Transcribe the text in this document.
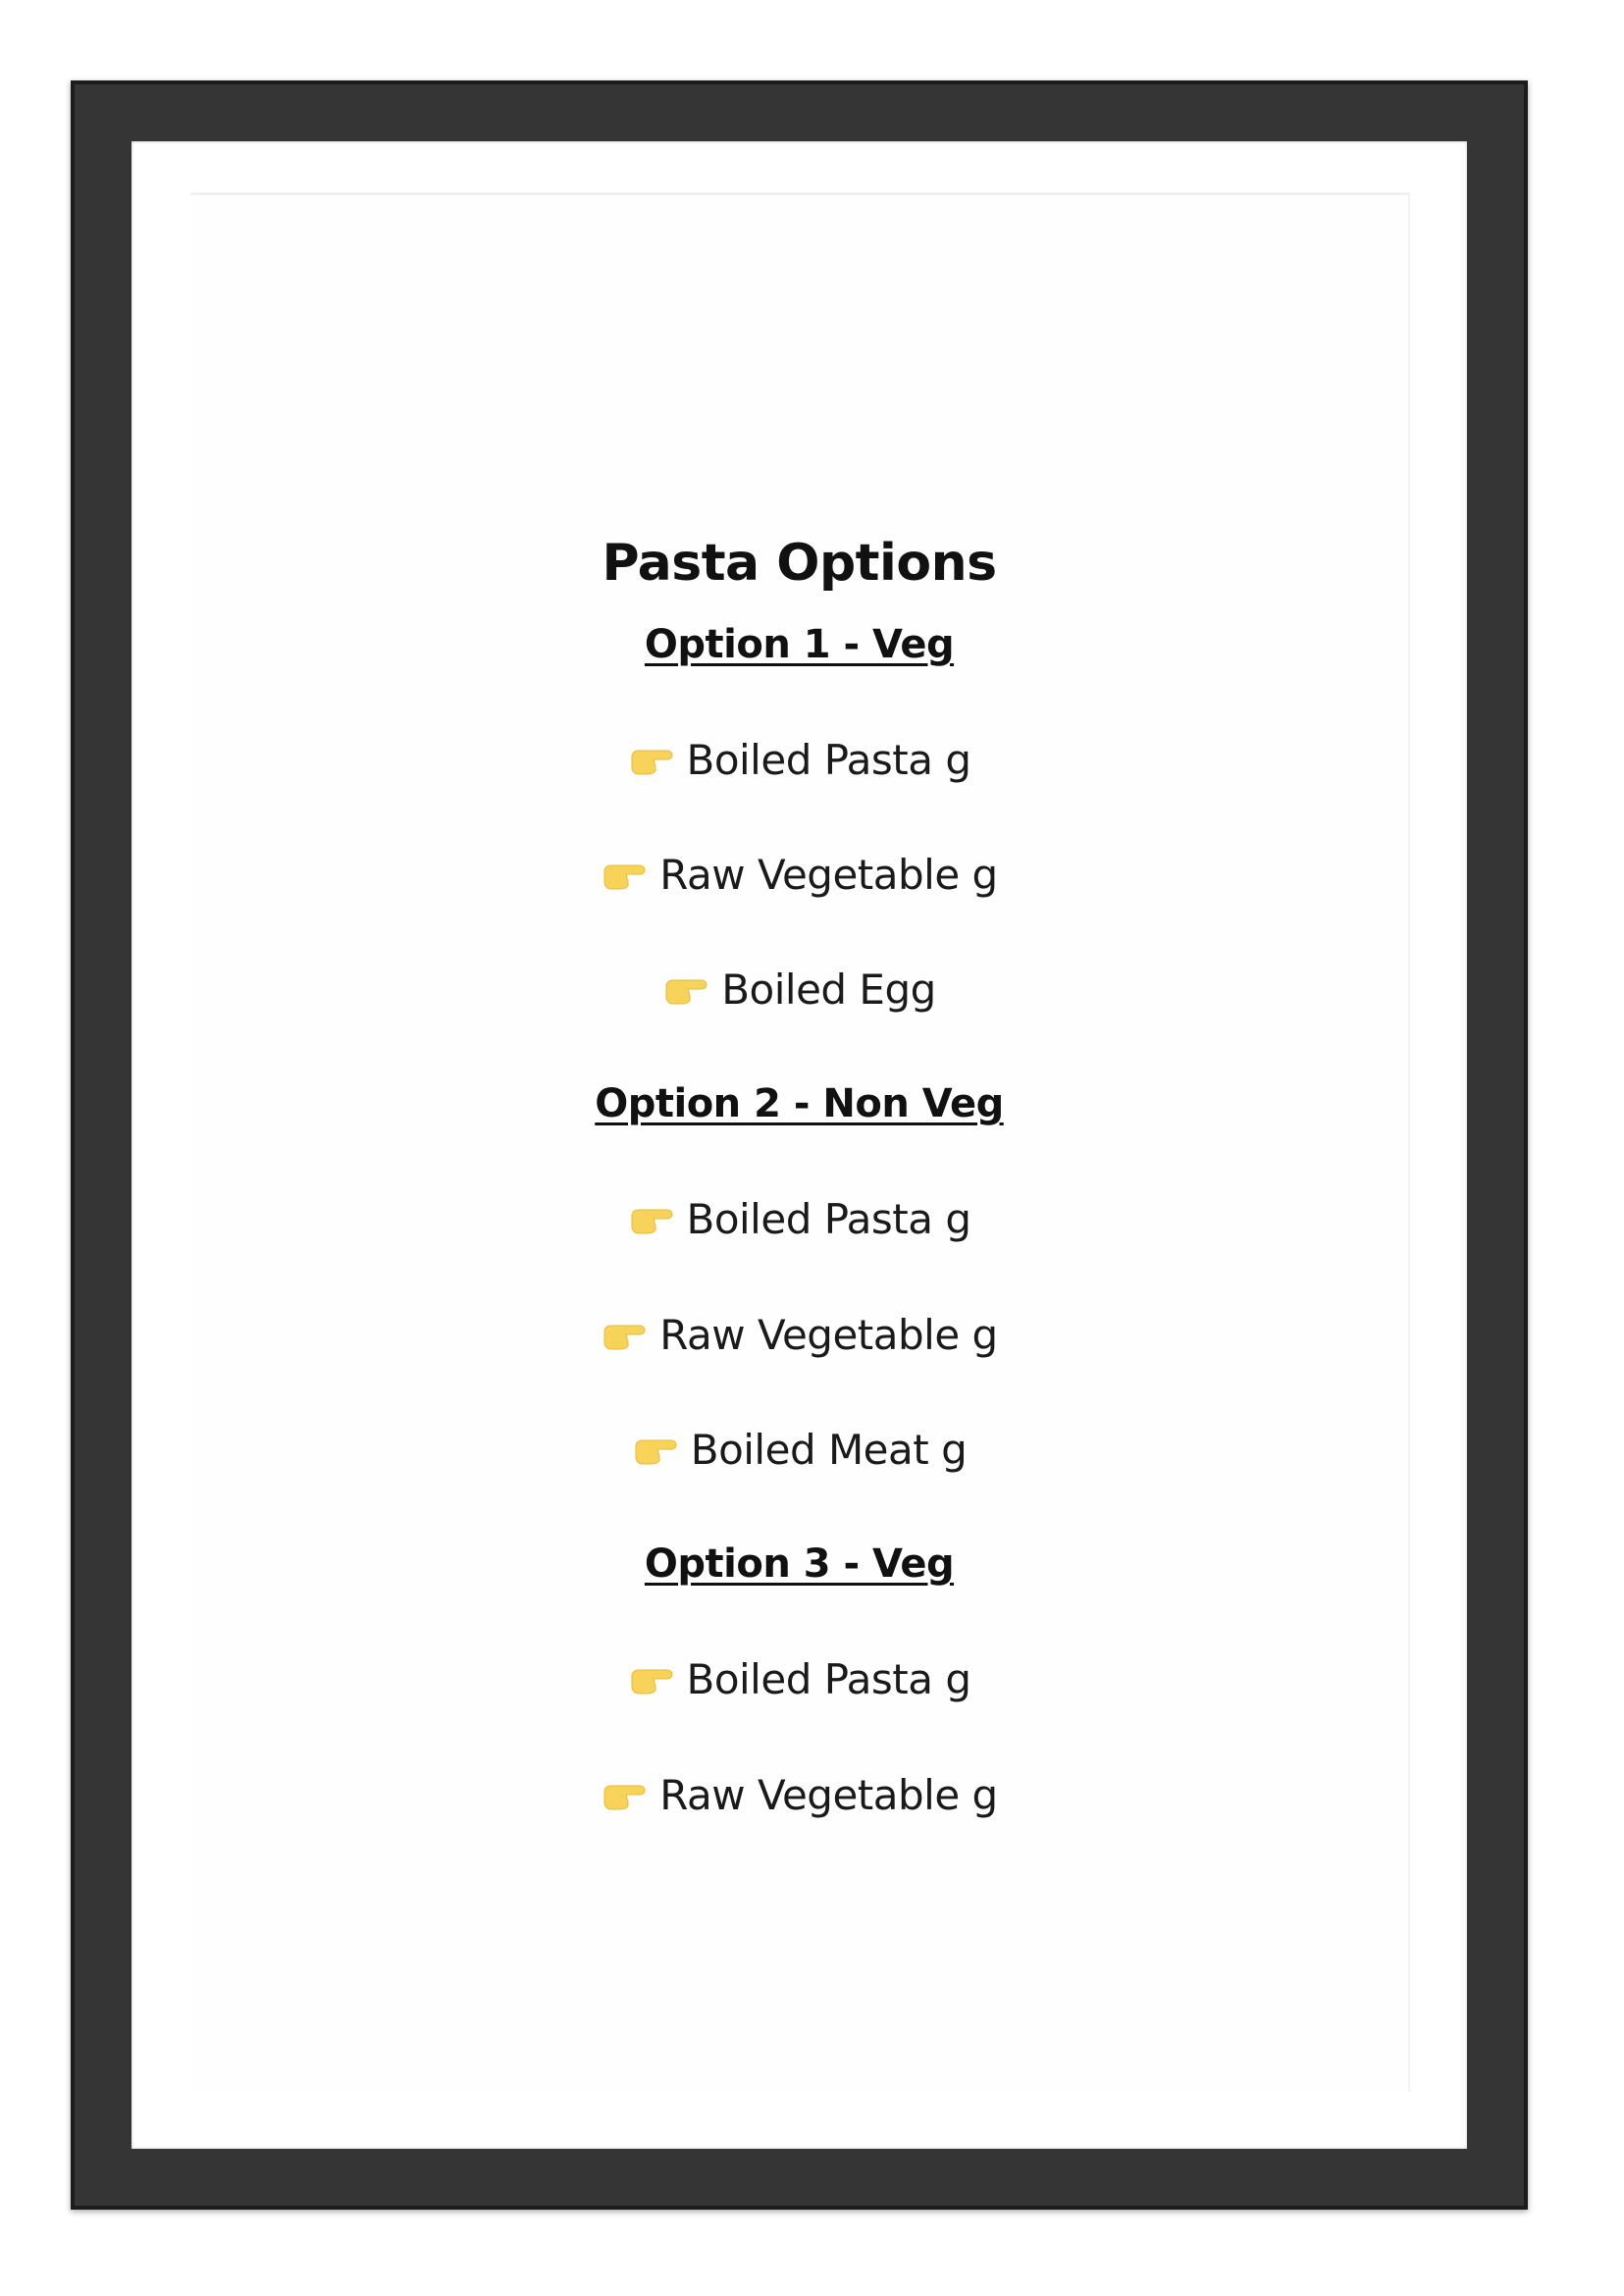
Pasta Options
Option 1 - Veg

Boiled Pasta g

Raw Vegetable g

Boiled Egg

Option 2 - Non Veg

Boiled Pasta g

Raw Vegetable g

Boiled Meat g

Option 3 - Veg

Boiled Pasta g

Raw Vegetable g
